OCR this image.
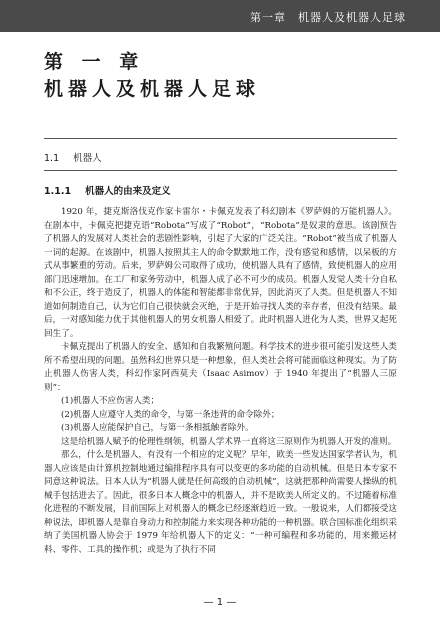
第一章　机器人及机器人足球
第 一 章
机器人及机器人足球
1.1 机器人
1.1.1 机器人的由来及定义

1920 年，捷克斯洛伐克作家卡雷尔・卡佩克发表了科幻剧本《罗萨姆的万能机器人》。在剧本中，卡佩克把捷克语“Robota”写成了“Robot”，“Robota”是奴隶的意思。该剧预告了机器人的发展对人类社会的悲剧性影响，引起了大家的广泛关注。“Robot”被当成了机器人一词的起源。在该剧中，机器人按照其主人的命令默默地工作，没有感觉和感情，以呆板的方式从事繁重的劳动。后来，罗萨姆公司取得了成功，使机器人具有了感情，致使机器人的应用部门迅速增加。在工厂和家务劳动中，机器人成了必不可少的成员。机器人发觉人类十分自私和不公正，终于造反了，机器人的体能和智能都非常优异，因此消灭了人类。但是机器人不知道如何制造自己，认为它们自己很快就会灭绝，于是开始寻找人类的幸存者，但没有结果。最后，一对感知能力优于其他机器人的男女机器人相爱了。此时机器人进化为人类，世界又起死回生了。

卡佩克提出了机器人的安全、感知和自我繁殖问题。科学技术的进步很可能引发这些人类所不希望出现的问题。虽然科幻世界只是一种想象，但人类社会将可能面临这种现实。为了防止机器人伤害人类，科幻作家阿西莫夫（Isaac Asimov）于 1940 年提出了“机器人三原则”：

(1)机器人不应伤害人类；

(2)机器人应遵守人类的命令，与第一条违背的命令除外；

(3)机器人应能保护自己，与第一条相抵触者除外。

这是给机器人赋予的伦理性纲领，机器人学术界一直将这三原则作为机器人开发的准则。

那么，什么是机器人，有没有一个相应的定义呢？早年，欧美一些发达国家学者认为，机器人应该是由计算机控制地通过编排程序具有可以变更的多功能的自动机械。但是日本专家不同意这种说法。日本人认为“机器人就是任何高级的自动机械”，这就把那种尚需要人操纵的机械手包括进去了。因此，很多日本人概念中的机器人，并不是欧美人所定义的。不过随着标准化进程的不断发展，目前国际上对机器人的概念已经逐渐趋近一致。一般说来，人们都接受这种说法，即机器人是靠自身动力和控制能力来实现各种功能的一种机器。联合国标准化组织采纳了美国机器人协会于 1979 年给机器人下的定义：“一种可编程和多功能的，用来搬运材料、零件、工具的操作机；或是为了执行不同

— 1 —
